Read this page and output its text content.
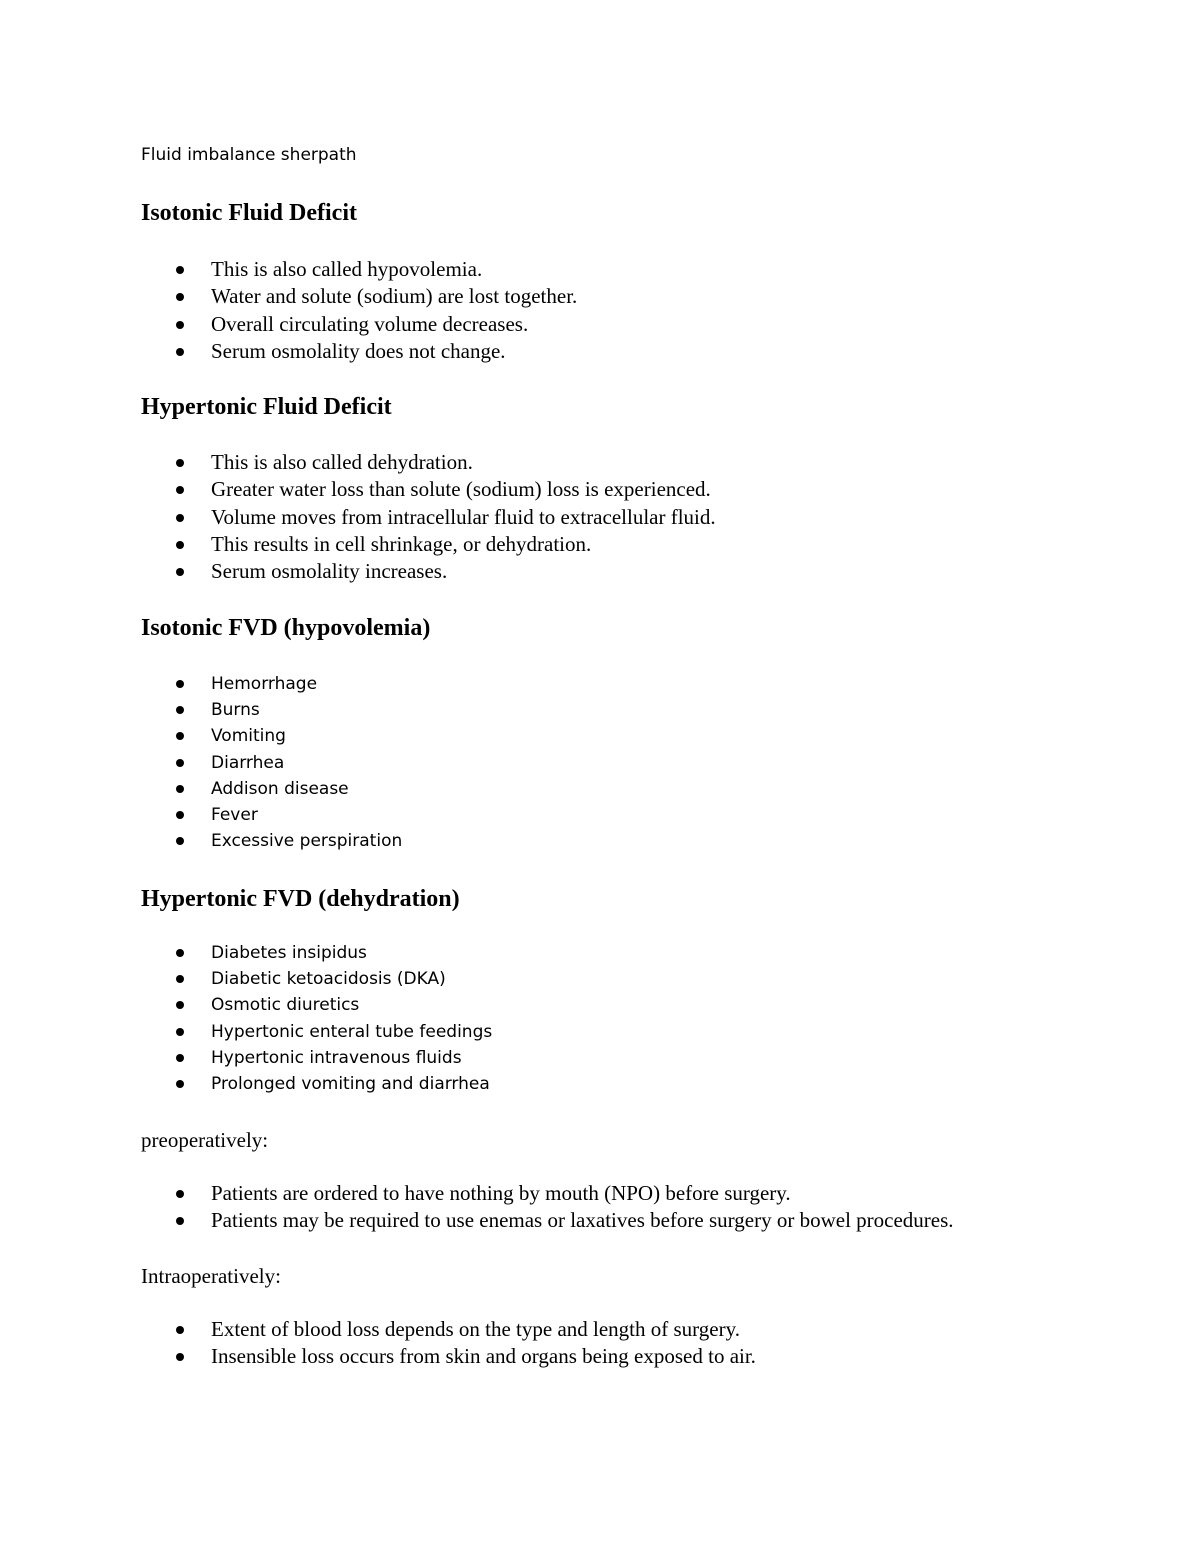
Fluid imbalance sherpath
Isotonic Fluid Deficit
This is also called hypovolemia.
Water and solute (sodium) are lost together.
Overall circulating volume decreases.
Serum osmolality does not change.
Hypertonic Fluid Deficit
This is also called dehydration.
Greater water loss than solute (sodium) loss is experienced.
Volume moves from intracellular fluid to extracellular fluid.
This results in cell shrinkage, or dehydration.
Serum osmolality increases.
Isotonic FVD (hypovolemia)
Hemorrhage
Burns
Vomiting
Diarrhea
Addison disease
Fever
Excessive perspiration
Hypertonic FVD (dehydration)
Diabetes insipidus
Diabetic ketoacidosis (DKA)
Osmotic diuretics
Hypertonic enteral tube feedings
Hypertonic intravenous fluids
Prolonged vomiting and diarrhea
preoperatively:
Patients are ordered to have nothing by mouth (NPO) before surgery.
Patients may be required to use enemas or laxatives before surgery or bowel procedures.
Intraoperatively:
Extent of blood loss depends on the type and length of surgery.
Insensible loss occurs from skin and organs being exposed to air.
